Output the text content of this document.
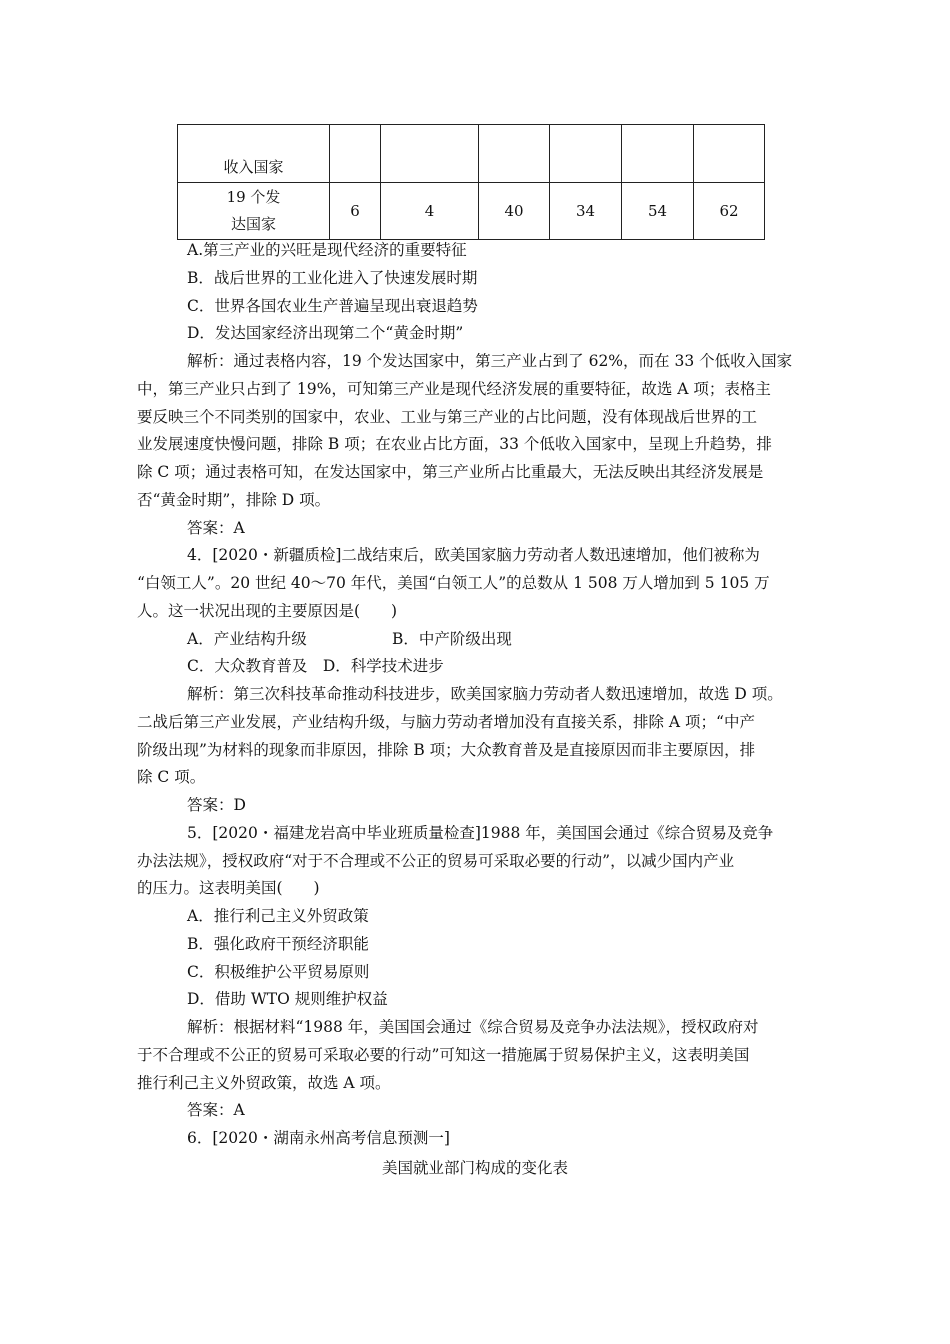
收入国家						

19 个发
达国家	6	4	40	34	54	62
A.第三产业的兴旺是现代经济的重要特征
B．战后世界的工业化进入了快速发展时期
C．世界各国农业生产普遍呈现出衰退趋势
D．发达国家经济出现第二个“黄金时期”
解析：通过表格内容，19 个发达国家中，第三产业占到了 62%，而在 33 个低收入国家
中，第三产业只占到了 19%，可知第三产业是现代经济发展的重要特征，故选 A 项；表格主
要反映三个不同类别的国家中，农业、工业与第三产业的占比问题，没有体现战后世界的工
业发展速度快慢问题，排除 B 项；在农业占比方面，33 个低收入国家中，呈现上升趋势，排
除 C 项；通过表格可知，在发达国家中，第三产业所占比重最大，无法反映出其经济发展是
否“黄金时期”，排除 D 项。
答案：A
4．[2020・新疆质检]二战结束后，欧美国家脑力劳动者人数迅速增加，他们被称为
“白领工人”。20 世纪 40～70 年代，美国“白领工人”的总数从 1 508 万人增加到 5 105 万
人。这一状况出现的主要原因是(　　)
A．产业结构升级	B．中产阶级出现
C．大众教育普及　D．科学技术进步
解析：第三次科技革命推动科技进步，欧美国家脑力劳动者人数迅速增加，故选 D 项。
二战后第三产业发展，产业结构升级，与脑力劳动者增加没有直接关系，排除 A 项；“中产
阶级出现”为材料的现象而非原因，排除 B 项；大众教育普及是直接原因而非主要原因，排
除 C 项。
答案：D
5．[2020・福建龙岩高中毕业班质量检查]1988 年，美国国会通过《综合贸易及竞争
办法法规》，授权政府“对于不合理或不公正的贸易可采取必要的行动”，以减少国内产业
的压力。这表明美国(　　)
A．推行利己主义外贸政策
B．强化政府干预经济职能
C．积极维护公平贸易原则
D．借助 WTO 规则维护权益
解析：根据材料“1988 年，美国国会通过《综合贸易及竞争办法法规》，授权政府对
于不合理或不公正的贸易可采取必要的行动”可知这一措施属于贸易保护主义，这表明美国
推行利己主义外贸政策，故选 A 项。
答案：A
6．[2020・湖南永州高考信息预测一]
美国就业部门构成的变化表
